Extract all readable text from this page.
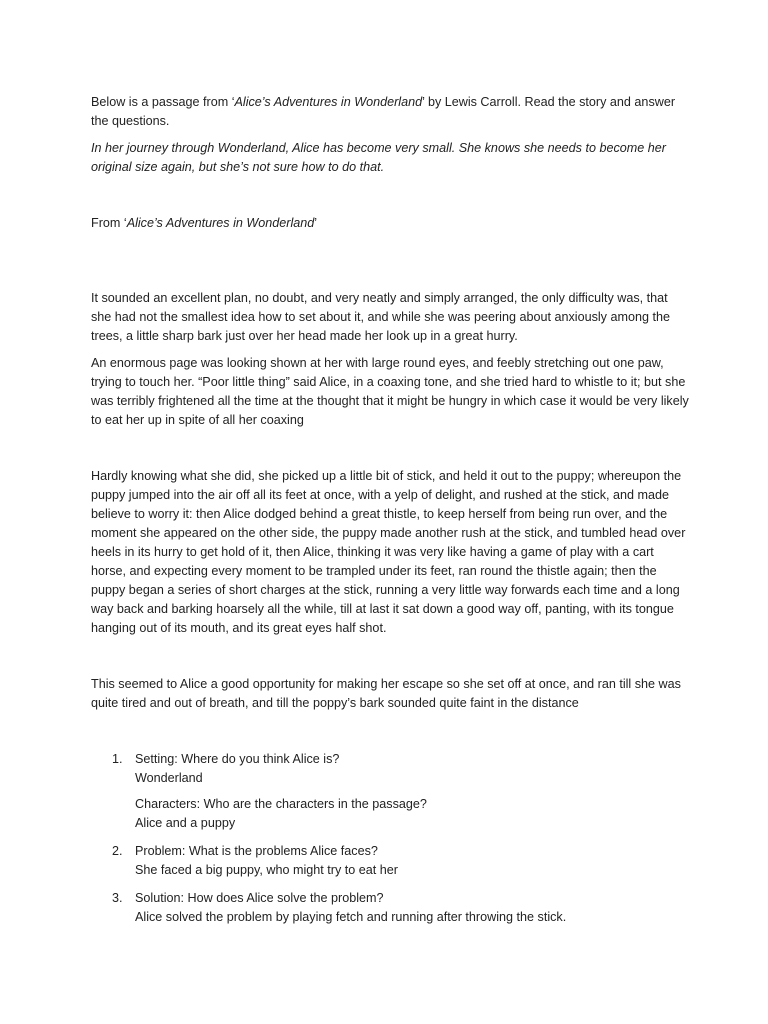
Below is a passage from ‘Alice’s Adventures in Wonderland’ by Lewis Carroll. Read the story and answer the questions.

In her journey through Wonderland, Alice has become very small. She knows she needs to become her original size again, but she’s not sure how to do that.

From ‘Alice’s Adventures in Wonderland’

It sounded an excellent plan, no doubt, and very neatly and simply arranged, the only difficulty was, that she had not the smallest idea how to set about it, and while she was peering about anxiously among the trees, a little sharp bark just over her head made her look up in a great hurry.

An enormous page was looking shown at her with large round eyes, and feebly stretching out one paw, trying to touch her. “Poor little thing” said Alice, in a coaxing tone, and she tried hard to whistle to it; but she was terribly frightened all the time at the thought that it might be hungry in which case it would be very likely to eat her up in spite of all her coaxing

Hardly knowing what she did, she picked up a little bit of stick, and held it out to the puppy; whereupon the puppy jumped into the air off all its feet at once, with a yelp of delight, and rushed at the stick, and made believe to worry it: then Alice dodged behind a great thistle, to keep herself from being run over, and the moment she appeared on the other side, the puppy made another rush at the stick, and tumbled head over heels in its hurry to get hold of it, then Alice, thinking it was very like having a game of play with a cart horse, and expecting every moment to be trampled under its feet, ran round the thistle again; then the puppy began a series of short charges at the stick, running a very little way forwards each time and a long way back and barking hoarsely all the while, till at last it sat down a good way off, panting, with its tongue hanging out of its mouth, and its great eyes half shot.

This seemed to Alice a good opportunity for making her escape so she set off at once, and ran till she was quite tired and out of breath, and till the poppy’s bark sounded quite faint in the distance

1. Setting: Where do you think Alice is?
Wonderland
Characters: Who are the characters in the passage?
Alice and a puppy
2. Problem: What is the problems Alice faces?
She faced a big puppy, who might try to eat her
3. Solution: How does Alice solve the problem?
Alice solved the problem by playing fetch and running after throwing the stick.
